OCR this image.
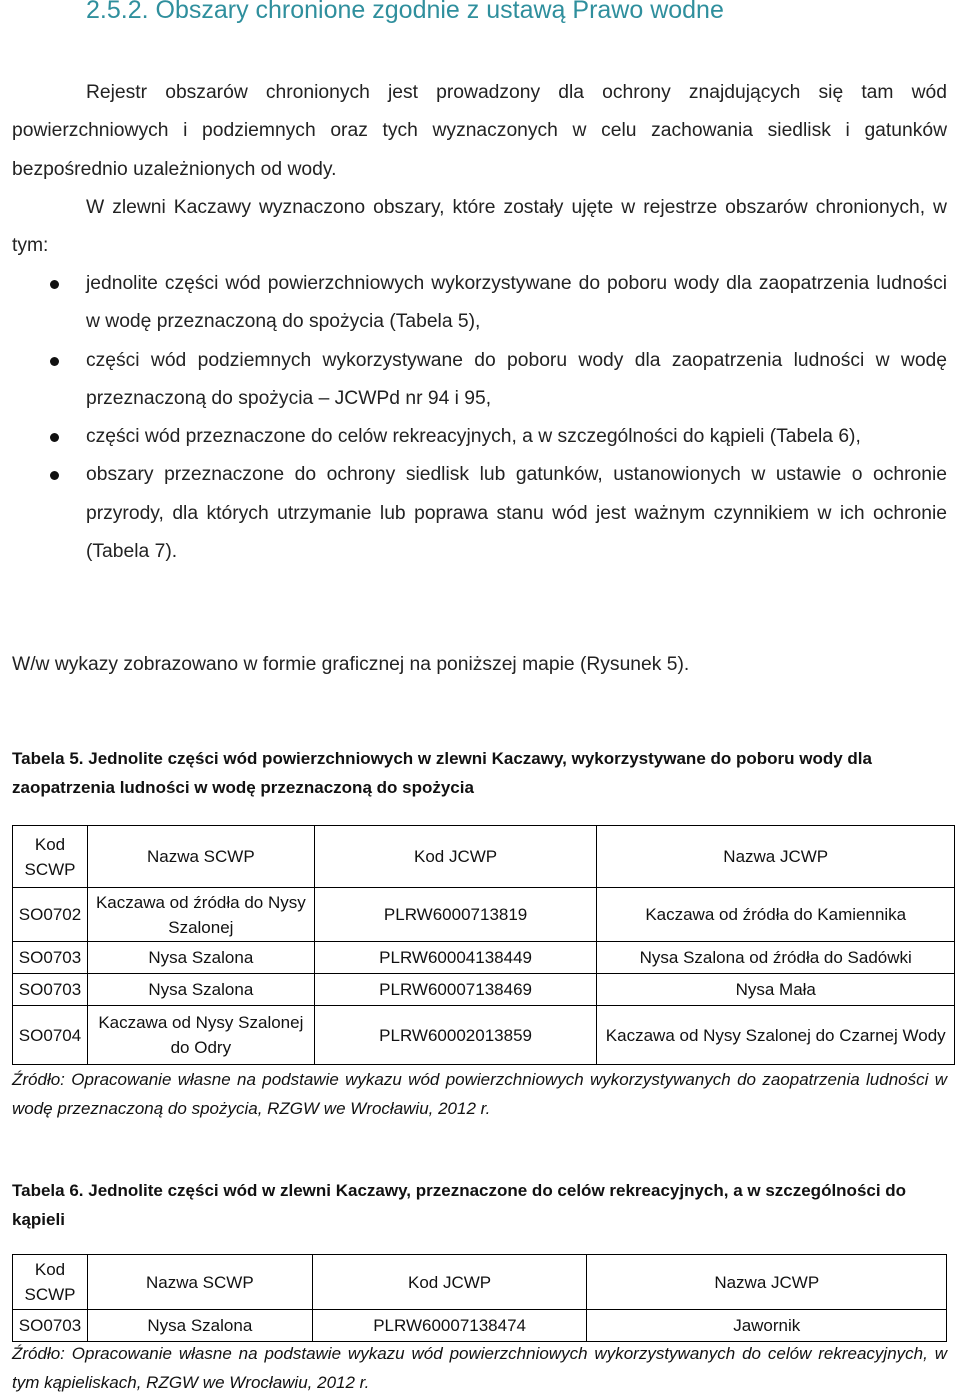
2.5.2. Obszary chronione zgodnie z ustawą Prawo wodne

Rejestr obszarów chronionych jest prowadzony dla ochrony znajdujących się tam wód powierzchniowych i podziemnych oraz tych wyznaczonych w celu zachowania siedlisk i gatunków bezpośrednio uzależnionych od wody.

W zlewni Kaczawy wyznaczono obszary, które zostały ujęte w rejestrze obszarów chronionych, w tym:

jednolite części wód powierzchniowych wykorzystywane do poboru wody dla zaopatrzenia ludności w wodę przeznaczoną do spożycia (Tabela 5),
części wód podziemnych wykorzystywane do poboru wody dla zaopatrzenia ludności w wodę przeznaczoną do spożycia – JCWPd nr 94 i 95,
części wód przeznaczone do celów rekreacyjnych, a w szczególności do kąpieli (Tabela 6),
obszary przeznaczone do ochrony siedlisk lub gatunków, ustanowionych w ustawie o ochronie przyrody, dla których utrzymanie lub poprawa stanu wód jest ważnym czynnikiem w ich ochronie (Tabela 7).

W/w wykazy zobrazowano w formie graficznej na poniższej mapie (Rysunek 5).

Tabela 5. Jednolite części wód powierzchniowych w zlewni Kaczawy, wykorzystywane do poboru wody dla zaopatrzenia ludności w wodę przeznaczoną do spożycia

Kod SCWP	Nazwa SCWP	Kod JCWP	Nazwa JCWP
SO0702	Kaczawa od źródła do Nysy Szalonej	PLRW6000713819	Kaczawa od źródła do Kamiennika
SO0703	Nysa Szalona	PLRW60004138449	Nysa Szalona od źródła do Sadówki
SO0703	Nysa Szalona	PLRW60007138469	Nysa Mała
SO0704	Kaczawa od Nysy Szalonej do Odry	PLRW60002013859	Kaczawa od Nysy Szalonej do Czarnej Wody

Źródło: Opracowanie własne na podstawie wykazu wód powierzchniowych wykorzystywanych do zaopatrzenia ludności w wodę przeznaczoną do spożycia, RZGW we Wrocławiu, 2012 r.

Tabela 6. Jednolite części wód w zlewni Kaczawy, przeznaczone do celów rekreacyjnych, a w szczególności do kąpieli

Kod SCWP	Nazwa SCWP	Kod JCWP	Nazwa JCWP
SO0703	Nysa Szalona	PLRW60007138474	Jawornik

Źródło: Opracowanie własne na podstawie wykazu wód powierzchniowych wykorzystywanych do celów rekreacyjnych, w tym kąpieliskach, RZGW we Wrocławiu, 2012 r.
